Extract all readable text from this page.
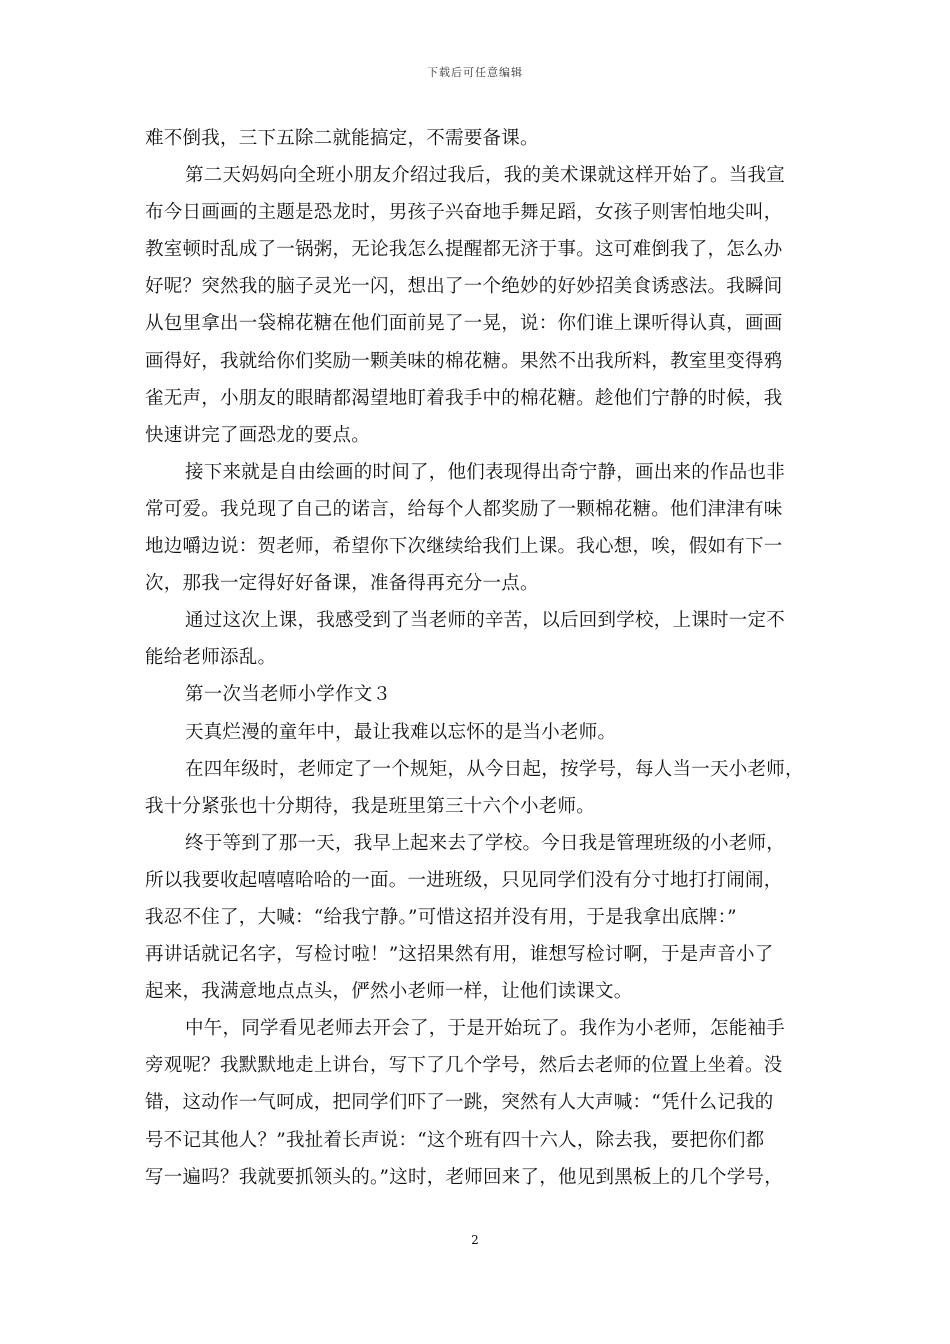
下载后可任意编辑
难不倒我，三下五除二就能搞定，不需要备课。
第二天妈妈向全班小朋友介绍过我后，我的美术课就这样开始了。当我宣
布今日画画的主题是恐龙时，男孩子兴奋地手舞足蹈，女孩子则害怕地尖叫，
教室顿时乱成了一锅粥，无论我怎么提醒都无济于事。这可难倒我了，怎么办
好呢？突然我的脑子灵光一闪，想出了一个绝妙的好妙招美食诱惑法。我瞬间
从包里拿出一袋棉花糖在他们面前晃了一晃，说：你们谁上课听得认真，画画
画得好，我就给你们奖励一颗美味的棉花糖。果然不出我所料，教室里变得鸦
雀无声，小朋友的眼睛都渴望地盯着我手中的棉花糖。趁他们宁静的时候，我
快速讲完了画恐龙的要点。
接下来就是自由绘画的时间了，他们表现得出奇宁静，画出来的作品也非
常可爱。我兑现了自己的诺言，给每个人都奖励了一颗棉花糖。他们津津有味
地边嚼边说：贺老师，希望你下次继续给我们上课。我心想，唉，假如有下一
次，那我一定得好好备课，准备得再充分一点。
通过这次上课，我感受到了当老师的辛苦，以后回到学校，上课时一定不
能给老师添乱。
第一次当老师小学作文３
天真烂漫的童年中，最让我难以忘怀的是当小老师。
在四年级时，老师定了一个规矩，从今日起，按学号，每人当一天小老师，
我十分紧张也十分期待，我是班里第三十六个小老师。
终于等到了那一天，我早上起来去了学校。今日我是管理班级的小老师，
所以我要收起嘻嘻哈哈的一面。一进班级，只见同学们没有分寸地打打闹闹，
我忍不住了，大喊：“给我宁静。”可惜这招并没有用，于是我拿出底牌：”
再讲话就记名字，写检讨啦！”这招果然有用，谁想写检讨啊，于是声音小了
起来，我满意地点点头，俨然小老师一样，让他们读课文。
中午，同学看见老师去开会了，于是开始玩了。我作为小老师，怎能袖手
旁观呢？我默默地走上讲台，写下了几个学号，然后去老师的位置上坐着。没
错，这动作一气呵成，把同学们吓了一跳，突然有人大声喊：“凭什么记我的
号不记其他人？”我扯着长声说：“这个班有四十六人，除去我，要把你们都
写一遍吗？我就要抓领头的。”这时，老师回来了，他见到黑板上的几个学号，
2
